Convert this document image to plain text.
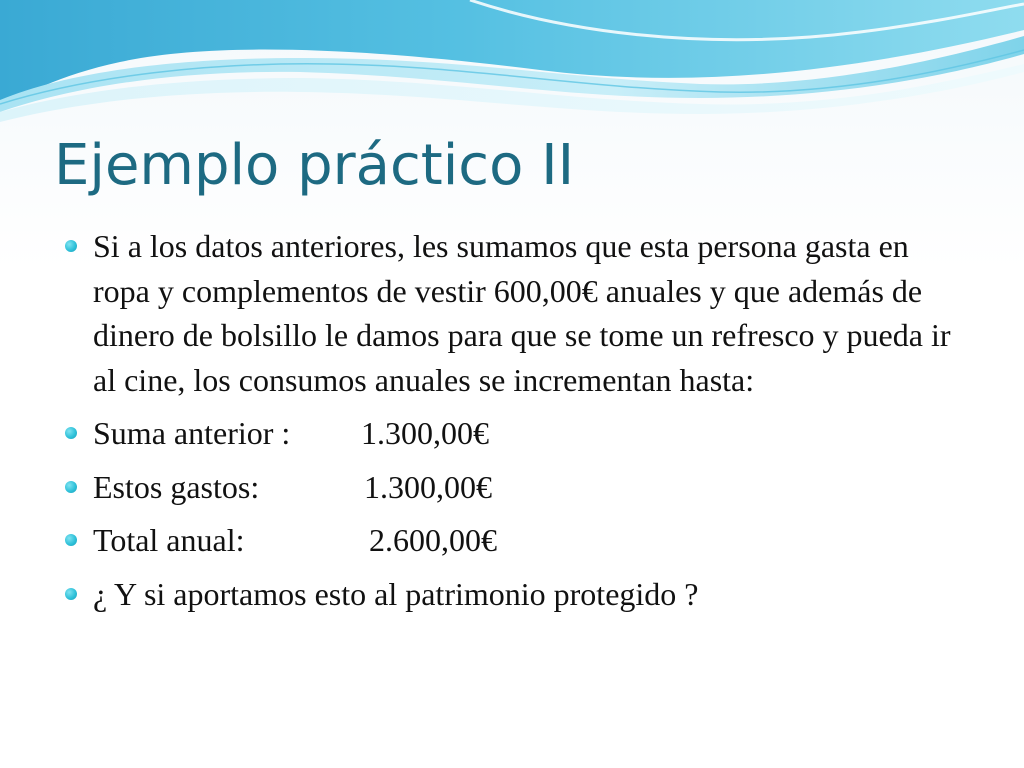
Ejemplo práctico II
Si a los datos anteriores, les sumamos que esta persona gasta en ropa y complementos de vestir 600,00€ anuales y que además de dinero de bolsillo le damos para que se tome un refresco y pueda ir al cine, los consumos anuales se incrementan hasta:
Suma anterior : 1.300,00€
Estos gastos:	1.300,00€
Total anual:	2.600,00€
¿ Y si aportamos esto al patrimonio protegido ?
